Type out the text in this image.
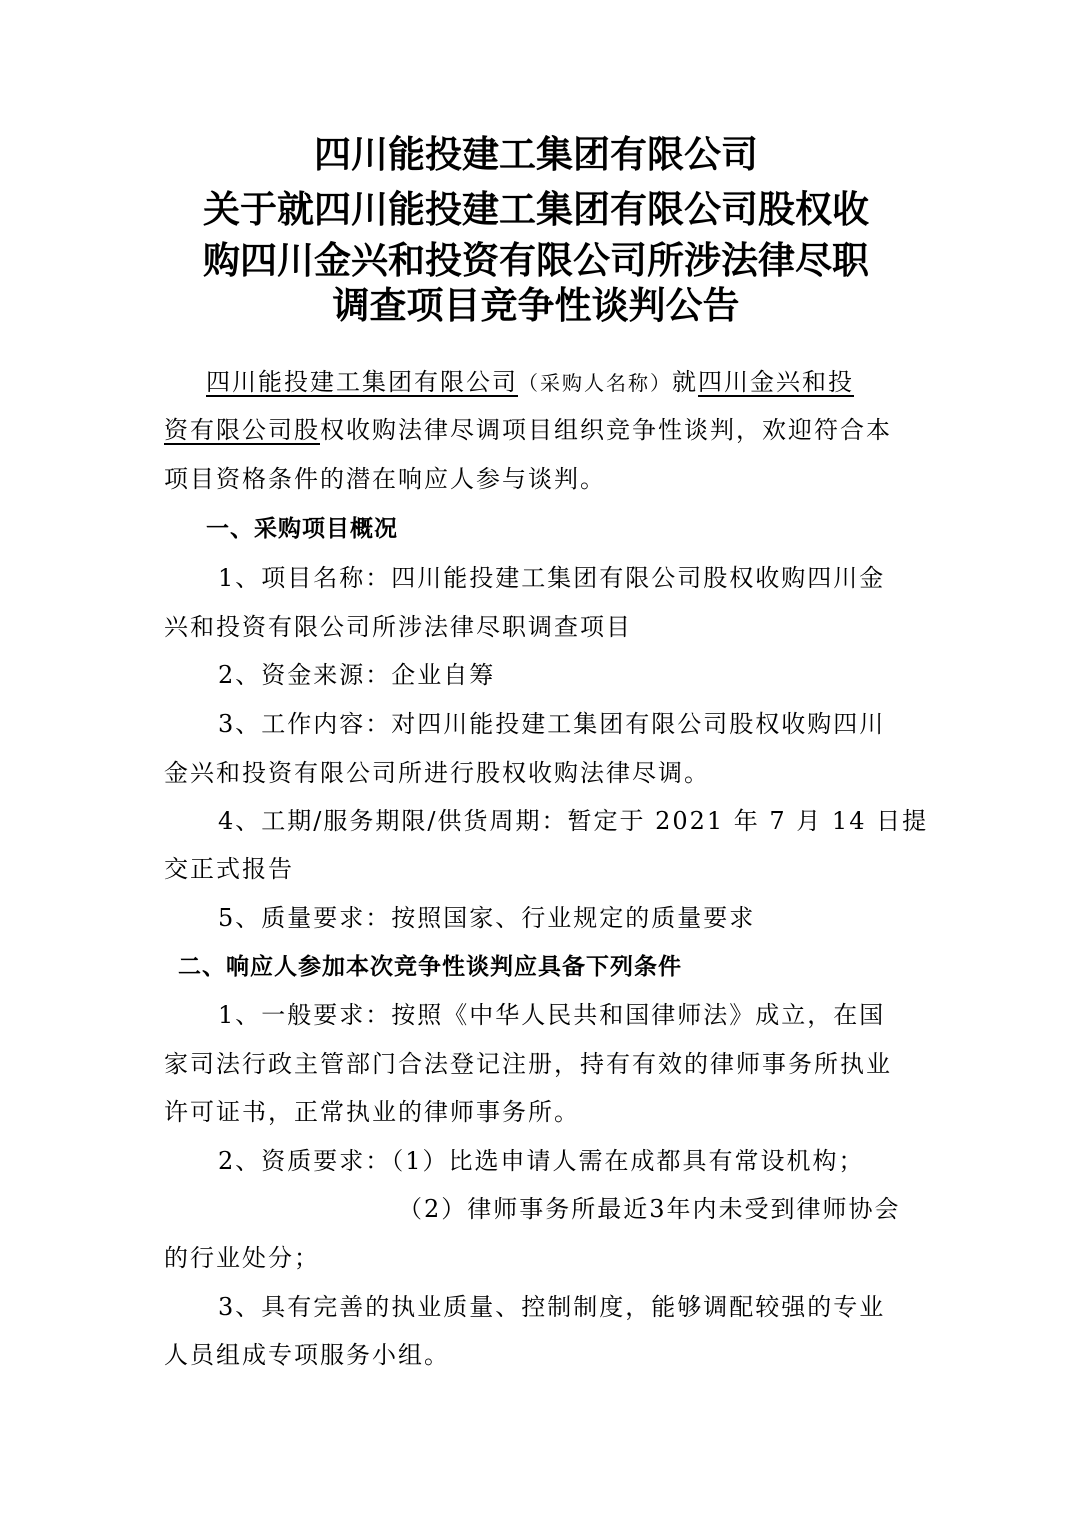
四川能投建工集团有限公司
关于就四川能投建工集团有限公司股权收
购四川金兴和投资有限公司所涉法律尽职
调查项目竞争性谈判公告
四川能投建工集团有限公司（采购人名称）就四川金兴和投
资有限公司股权收购法律尽调项目组织竞争性谈判，欢迎符合本
项目资格条件的潜在响应人参与谈判。
一、采购项目概况
1、项目名称：四川能投建工集团有限公司股权收购四川金
兴和投资有限公司所涉法律尽职调查项目
2、资金来源：企业自筹
3、工作内容：对四川能投建工集团有限公司股权收购四川
金兴和投资有限公司所进行股权收购法律尽调。
4、工期/服务期限/供货周期：暂定于 2021 年 7 月 14 日提
交正式报告
5、质量要求：按照国家、行业规定的质量要求
二、响应人参加本次竞争性谈判应具备下列条件
1、一般要求：按照《中华人民共和国律师法》成立，在国
家司法行政主管部门合法登记注册，持有有效的律师事务所执业
许可证书，正常执业的律师事务所。
2、资质要求：（1）比选申请人需在成都具有常设机构；
（2）律师事务所最近3年内未受到律师协会
的行业处分；
3、具有完善的执业质量、控制制度，能够调配较强的专业
人员组成专项服务小组。
